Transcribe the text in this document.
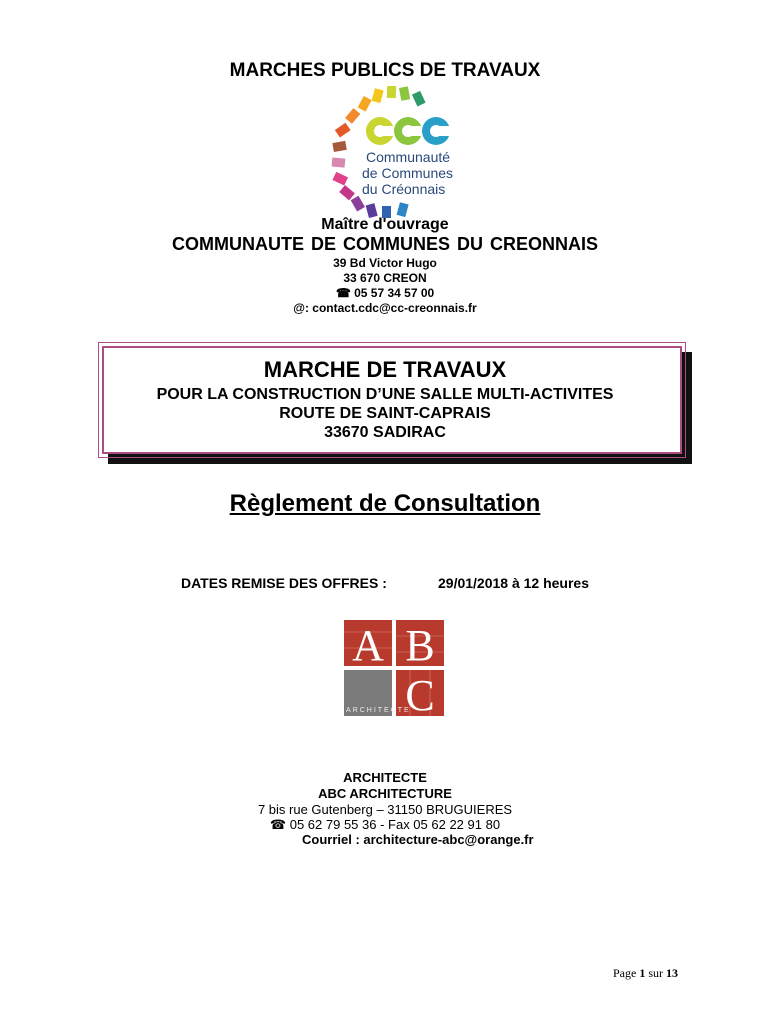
MARCHES PUBLICS DE TRAVAUX
Communauté
de Communes
du Créonnais
Maître d'ouvrage
COMMUNAUTE DE COMMUNES DU CREONNAIS
39 Bd Victor Hugo
33 670 CREON
☎ 05 57 34 57 00
@: contact.cdc@cc-creonnais.fr
MARCHE DE TRAVAUX
POUR LA CONSTRUCTION D’UNE SALLE MULTI-ACTIVITES
ROUTE DE SAINT-CAPRAIS
33670 SADIRAC
Règlement de Consultation
DATES REMISE DES OFFRES :	29/01/2018 à 12 heures
A B
C
ARCHITECTE
ARCHITECTE
ABC ARCHITECTURE
7 bis rue Gutenberg – 31150 BRUGUIERES
☎ 05 62 79 55 36 - Fax 05 62 22 91 80
Courriel : architecture-abc@orange.fr
Page 1 sur 13
